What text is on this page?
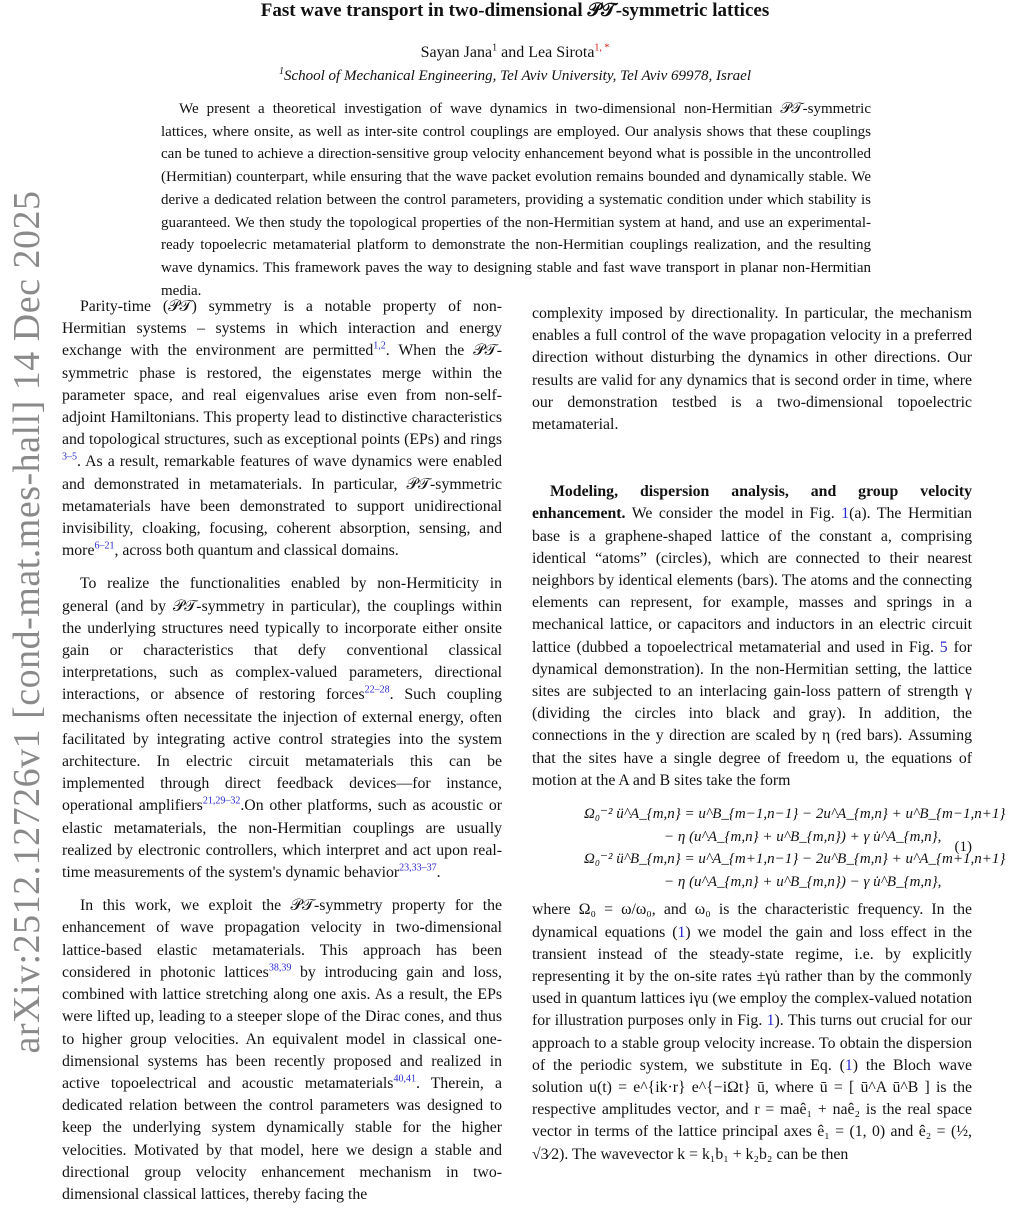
arXiv:2512.12726v1 [cond-mat.mes-hall] 14 Dec 2025
Fast wave transport in two-dimensional 𝒫𝒯-symmetric lattices
Sayan Jana$^1$ and Lea Sirota$^{1, *}$
$^1$School of Mechanical Engineering, Tel Aviv University, Tel Aviv 69978, Israel

We present a theoretical investigation of wave dynamics in two-dimensional non-Hermitian 𝒫𝒯-symmetric lattices, where onsite, as well as inter-site control couplings are employed. Our analysis shows that these couplings can be tuned to achieve a direction-sensitive group velocity enhancement beyond what is possible in the uncontrolled (Hermitian) counterpart, while ensuring that the wave packet evolution remains bounded and dynamically stable. We derive a dedicated relation between the control parameters, providing a systematic condition under which stability is guaranteed. We then study the topological properties of the non-Hermitian system at hand, and use an experimental-ready topoelecric metamaterial platform to demonstrate the non-Hermitian couplings realization, and the resulting wave dynamics. This framework paves the way to designing stable and fast wave transport in planar non-Hermitian media.

Parity-time (𝒫𝒯) symmetry is a notable property of non-Hermitian systems – systems in which interaction and energy exchange with the environment are permitted$^{1,2}$. When the 𝒫𝒯-symmetric phase is restored, the eigenstates merge within the parameter space, and real eigenvalues arise even from non-self-adjoint Hamiltonians. This property lead to distinctive characteristics and topological structures, such as exceptional points (EPs) and rings $^{3-5}$. As a result, remarkable features of wave dynamics were enabled and demonstrated in metamaterials. In particular, 𝒫𝒯-symmetric metamaterials have been demonstrated to support unidirectional invisibility, cloaking, focusing, coherent absorption, sensing, and more$^{6-21}$, across both quantum and classical domains.

To realize the functionalities enabled by non-Hermiticity in general (and by 𝒫𝒯-symmetry in particular), the couplings within the underlying structures need typically to incorporate either onsite gain or characteristics that defy conventional classical interpretations, such as complex-valued parameters, directional interactions, or absence of restoring forces$^{22-28}$. Such coupling mechanisms often necessitate the injection of external energy, often facilitated by integrating active control strategies into the system architecture. In electric circuit metamaterials this can be implemented through direct feedback devices—for instance, operational amplifiers$^{21,29-32}$.On other platforms, such as acoustic or elastic metamaterials, the non-Hermitian couplings are usually realized by electronic controllers, which interpret and act upon real-time measurements of the system's dynamic behavior$^{23,33-37}$.

In this work, we exploit the 𝒫𝒯-symmetry property for the enhancement of wave propagation velocity in two-dimensional lattice-based elastic metamaterials. This approach has been considered in photonic lattices$^{38,39}$ by introducing gain and loss, combined with lattice stretching along one axis. As a result, the EPs were lifted up, leading to a steeper slope of the Dirac cones, and thus to higher group velocities. An equivalent model in classical one-dimensional systems has been recently proposed and realized in active topoelectrical and acoustic metamaterials$^{40,41}$. Therein, a dedicated relation between the control parameters was designed to keep the underlying system dynamically stable for the higher velocities. Motivated by that model, here we design a stable and directional group velocity enhancement mechanism in two-dimensional classical lattices, thereby facing the

complexity imposed by directionality. In particular, the mechanism enables a full control of the wave propagation velocity in a preferred direction without disturbing the dynamics in other directions. Our results are valid for any dynamics that is second order in time, where our demonstration testbed is a two-dimensional topoelectric metamaterial.

Modeling, dispersion analysis, and group velocity enhancement. We consider the model in Fig. 1(a). The Hermitian base is a graphene-shaped lattice of the constant a, comprising identical “atoms” (circles), which are connected to their nearest neighbors by identical elements (bars). The atoms and the connecting elements can represent, for example, masses and springs in a mechanical lattice, or capacitors and inductors in an electric circuit lattice (dubbed a topoelectrical metamaterial and used in Fig. 5 for dynamical demonstration). In the non-Hermitian setting, the lattice sites are subjected to an interlacing gain-loss pattern of strength γ (dividing the circles into black and gray). In addition, the connections in the y direction are scaled by η (red bars). Assuming that the sites have a single degree of freedom u, the equations of motion at the A and B sites take the form

Ω₀⁻² ü^A_{m,n} = u^B_{m−1,n−1} − 2u^A_{m,n} + u^B_{m−1,n+1}
− η (u^A_{m,n} + u^B_{m,n}) + γ u̇^A_{m,n},
Ω₀⁻² ü^B_{m,n} = u^A_{m+1,n−1} − 2u^B_{m,n} + u^A_{m+1,n+1}
− η (u^A_{m,n} + u^B_{m,n}) − γ u̇^B_{m,n},
(1)

where Ω₀ = ω/ω₀, and ω₀ is the characteristic frequency. In the dynamical equations (1) we model the gain and loss effect in the transient instead of the steady-state regime, i.e. by explicitly representing it by the on-site rates ±γu̇ rather than by the commonly used in quantum lattices iγu (we employ the complex-valued notation for illustration purposes only in Fig. 1). This turns out crucial for our approach to a stable group velocity increase. To obtain the dispersion of the periodic system, we substitute in Eq. (1) the Bloch wave solution u(t) = e^{ik·r} e^{−iΩt} ū, where ū = [ ū^A ū^B ] is the respective amplitudes vector, and r = maê₁ + naê₂ is the real space vector in terms of the lattice principal axes ê₁ = (1, 0) and ê₂ = (½, √3⁄2). The wavevector k = k₁b₁ + k₂b₂ can be then
